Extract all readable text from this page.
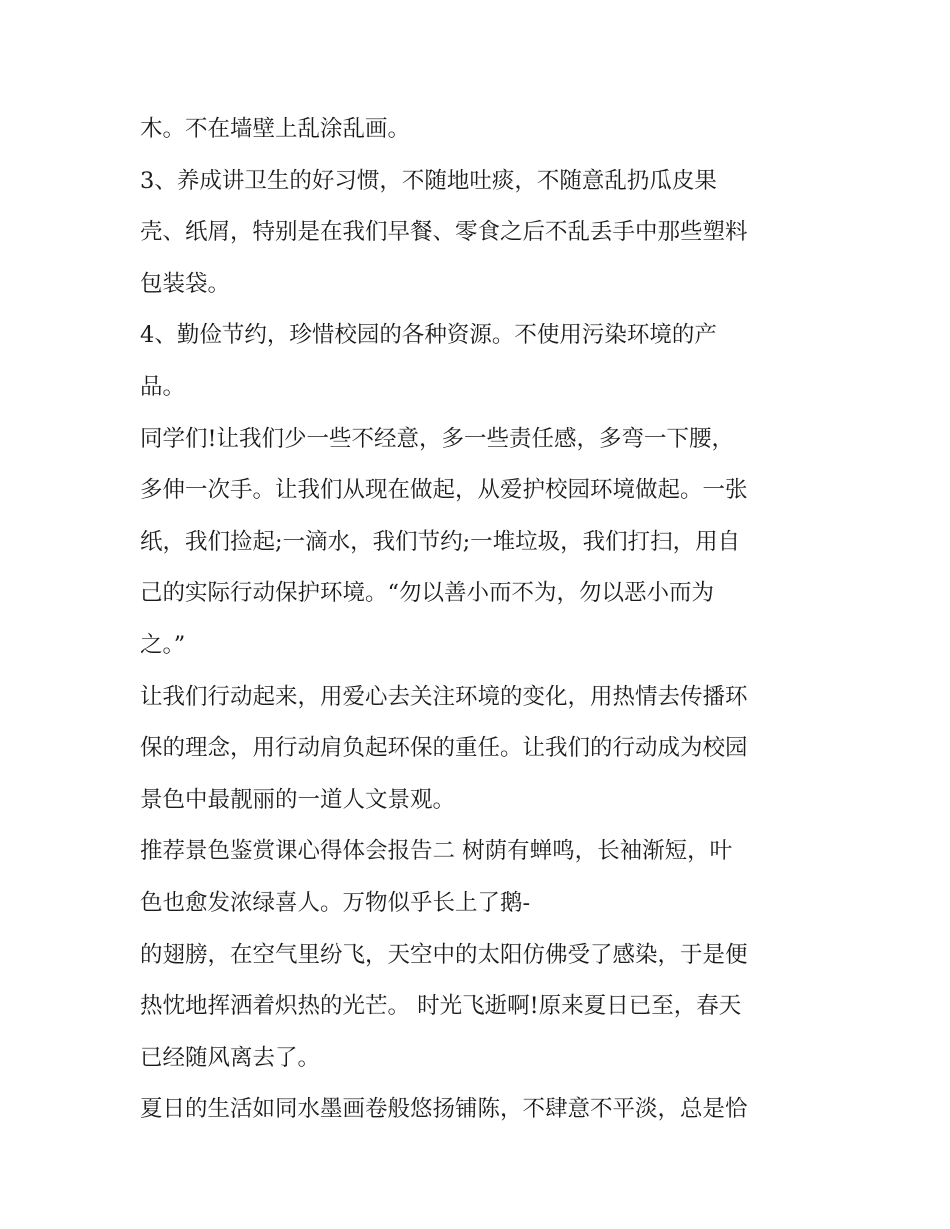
木。不在墙壁上乱涂乱画。
3、养成讲卫生的好习惯，不随地吐痰，不随意乱扔瓜皮果
壳、纸屑，特别是在我们早餐、零食之后不乱丢手中那些塑料
包装袋。
4、勤俭节约，珍惜校园的各种资源。不使用污染环境的产
品。
同学们!让我们少一些不经意，多一些责任感，多弯一下腰，
多伸一次手。让我们从现在做起，从爱护校园环境做起。一张
纸，我们捡起;一滴水，我们节约;一堆垃圾，我们打扫，用自
己的实际行动保护环境。“勿以善小而不为，勿以恶小而为
之。”
让我们行动起来，用爱心去关注环境的变化，用热情去传播环
保的理念，用行动肩负起环保的重任。让我们的行动成为校园
景色中最靓丽的一道人文景观。
推荐景色鉴赏课心得体会报告二 树荫有蝉鸣，长袖渐短，叶
色也愈发浓绿喜人。万物似乎长上了鹅-
的翅膀，在空气里纷飞，天空中的太阳仿佛受了感染，于是便
热忱地挥洒着炽热的光芒。 时光飞逝啊!原来夏日已至，春天
已经随风离去了。
夏日的生活如同水墨画卷般悠扬铺陈，不肆意不平淡，总是恰
